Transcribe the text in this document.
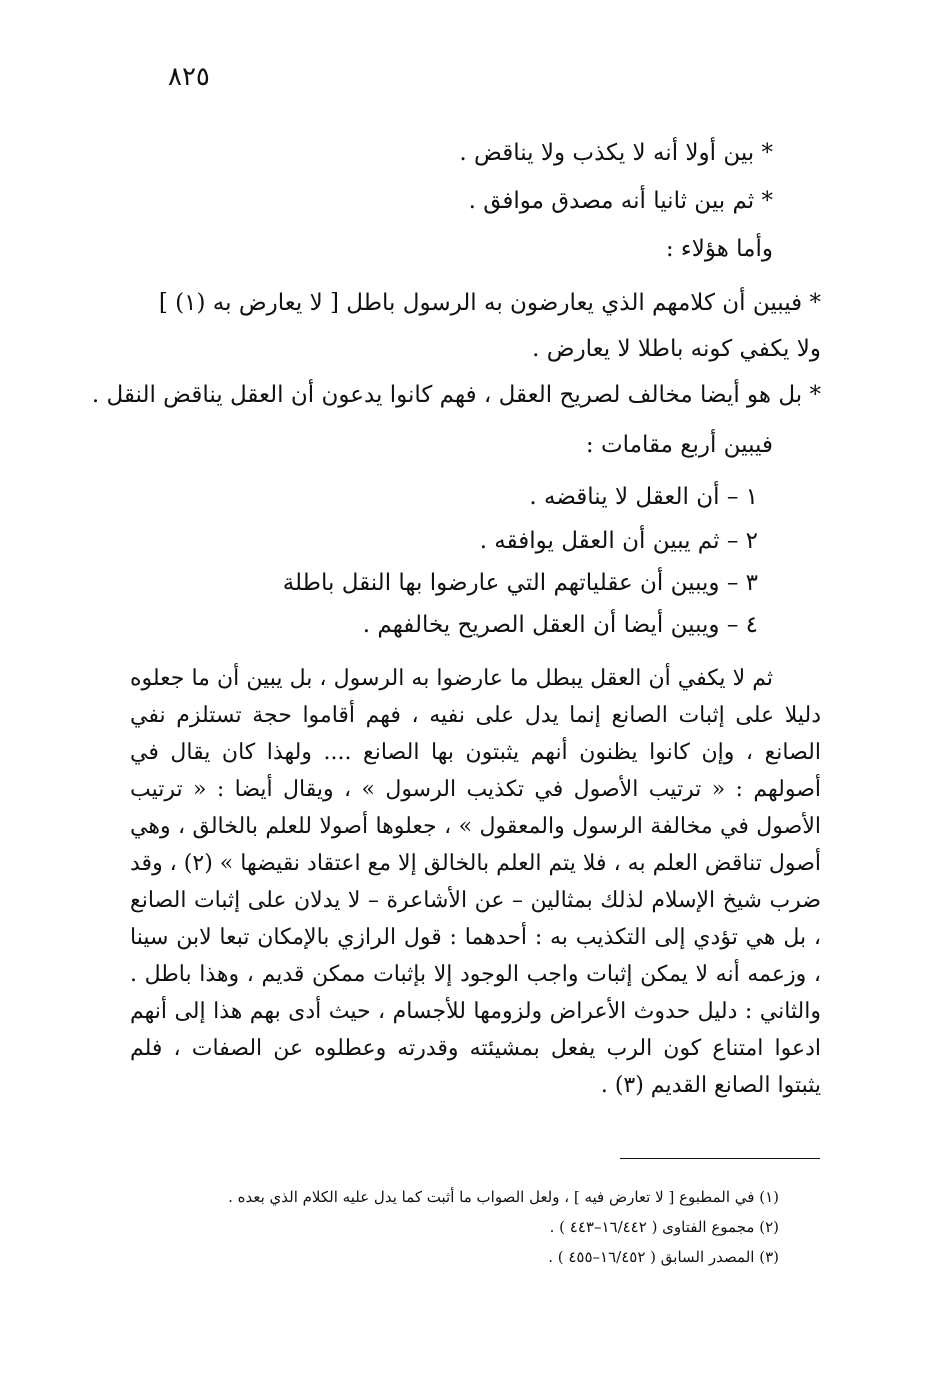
٨٢٥
* بين أولا أنه لا يكذب ولا يناقض .
* ثم بين ثانيا أنه مصدق موافق .
وأما هؤلاء :
* فيبين أن كلامهم الذي يعارضون به الرسول باطل [ لا يعارض به (١) ]
ولا يكفي كونه باطلا لا يعارض .
* بل هو أيضا مخالف لصريح العقل ، فهم كانوا يدعون أن العقل يناقض النقل .
فيبين أربع مقامات :
١ – أن العقل لا يناقضه .
٢ – ثم يبين أن العقل يوافقه .
٣ – ويبين أن عقلياتهم التي عارضوا بها النقل باطلة
٤ – ويبين أيضا أن العقل الصريح يخالفهم .
ثم لا يكفي أن العقل يبطل ما عارضوا به الرسول ، بل يبين أن ما جعلوه دليلا على إثبات الصانع إنما يدل على نفيه ، فهم أقاموا حجة تستلزم نفي الصانع ، وإن كانوا يظنون أنهم يثبتون بها الصانع .... ولهذا كان يقال في أصولهم : « ترتيب الأصول في تكذيب الرسول » ، ويقال أيضا : « ترتيب الأصول في مخالفة الرسول والمعقول » ، جعلوها أصولا للعلم بالخالق ، وهي أصول تناقض العلم به ، فلا يتم العلم بالخالق إلا مع اعتقاد نقيضها » (٢) ، وقد ضرب شيخ الإسلام لذلك بمثالين – عن الأشاعرة – لا يدلان على إثبات الصانع ، بل هي تؤدي إلى التكذيب به : أحدهما : قول الرازي بالإمكان تبعا لابن سينا ، وزعمه أنه لا يمكن إثبات واجب الوجود إلا بإثبات ممكن قديم ، وهذا باطل . والثاني : دليل حدوث الأعراض ولزومها للأجسام ، حيث أدى بهم هذا إلى أنهم ادعوا امتناع كون الرب يفعل بمشيئته وقدرته وعطلوه عن الصفات ، فلم يثبتوا الصانع القديم (٣) .
(١) في المطبوع [ لا تعارض فيه ] ، ولعل الصواب ما أثبت كما يدل عليه الكلام الذي بعده .
(٢) مجموع الفتاوى ( ١٦/٤٤٢–٤٤٣ ) .
(٣) المصدر السابق ( ١٦/٤٥٢–٤٥٥ ) .
